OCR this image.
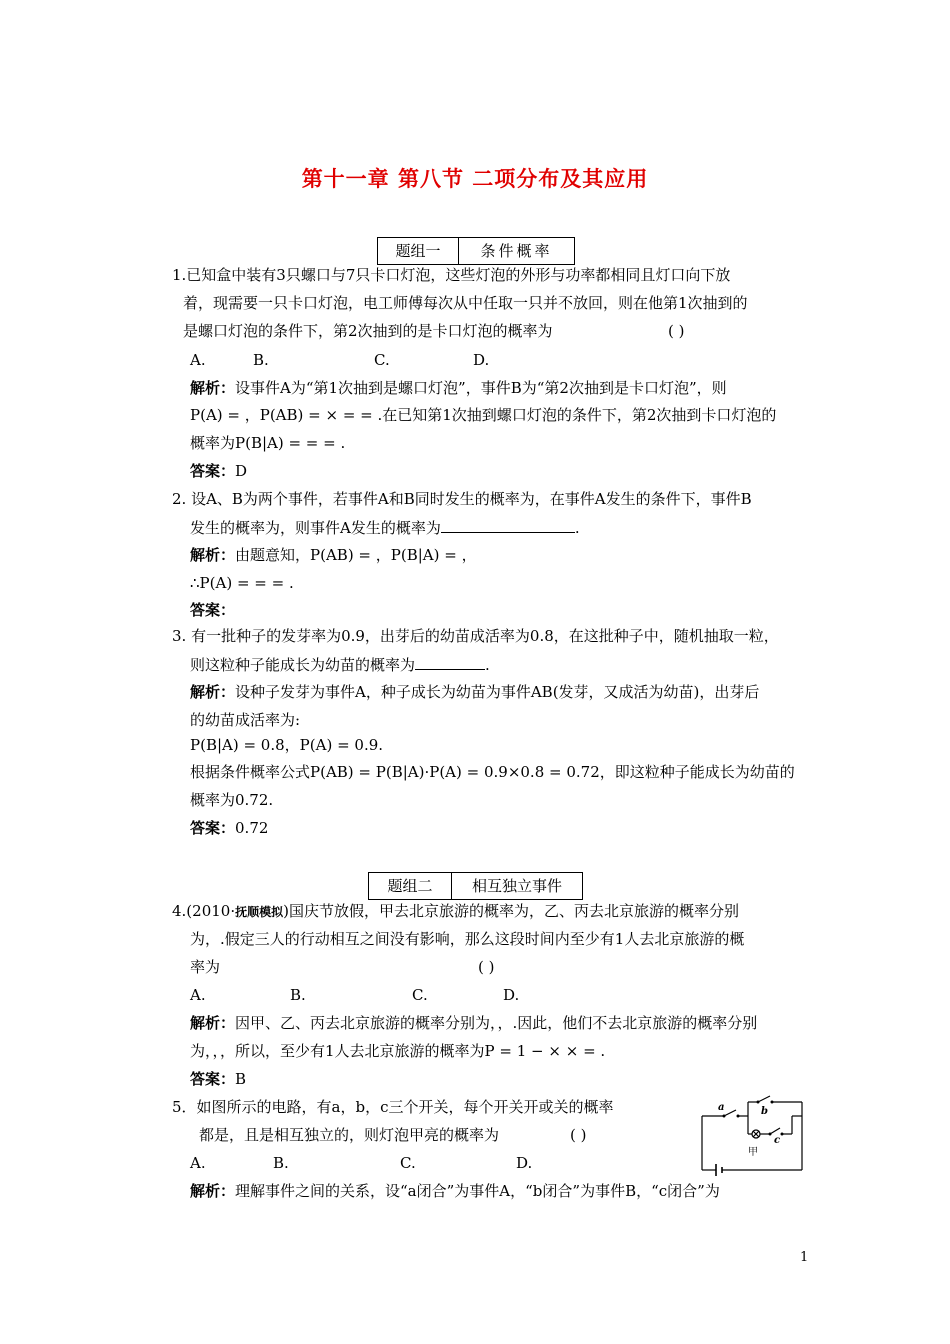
第十一章 第八节 二项分布及其应用
题组一	条件概率
1.已知盒中装有3只螺口与7只卡口灯泡，这些灯泡的外形与功率都相同且灯口向下放
着，现需要一只卡口灯泡，电工师傅每次从中任取一只并不放回，则在他第1次抽到的
是螺口灯泡的条件下，第2次抽到的是卡口灯泡的概率为	( )
A.	B.	C.	D.
解析：设事件A为“第1次抽到是螺口灯泡”，事件B为“第2次抽到是卡口灯泡”，则
P(A) = ，P(AB) = × = = .在已知第1次抽到螺口灯泡的条件下，第2次抽到卡口灯泡的
概率为P(B|A) = = = .
答案：D
2. 设A、B为两个事件，若事件A和B同时发生的概率为，在事件A发生的条件下，事件B
发生的概率为，则事件A发生的概率为	.
解析：由题意知，P(AB) = ，P(B|A) = ，
∴P(A) = = = .
答案：
3. 有一批种子的发芽率为0.9，出芽后的幼苗成活率为0.8，在这批种子中，随机抽取一粒，
则这粒种子能成长为幼苗的概率为	.
解析：设种子发芽为事件A，种子成长为幼苗为事件AB(发芽，又成活为幼苗)，出芽后
的幼苗成活率为:
P(B|A) = 0.8，P(A) = 0.9.
根据条件概率公式P(AB) = P(B|A)·P(A) = 0.9×0.8 = 0.72，即这粒种子能成长为幼苗的
概率为0.72.
答案：0.72
题组二	相互独立事件
4.(2010·抚顺模拟)国庆节放假，甲去北京旅游的概率为，乙、丙去北京旅游的概率分别
为，.假定三人的行动相互之间没有影响，那么这段时间内至少有1人去北京旅游的概
率为	( )
A.	B.	C.	D.
解析：因甲、乙、丙去北京旅游的概率分别为，，.因此，他们不去北京旅游的概率分别
为，，，所以，至少有1人去北京旅游的概率为P = 1 − × × = .
答案：B
5．如图所示的电路，有a，b，c三个开关，每个开关开或关的概率
都是，且是相互独立的，则灯泡甲亮的概率为	( )
A.	B.	C.	D.
解析：理解事件之间的关系，设“a闭合”为事件A，“b闭合”为事件B，“c闭合”为
a	b
c
甲
1
